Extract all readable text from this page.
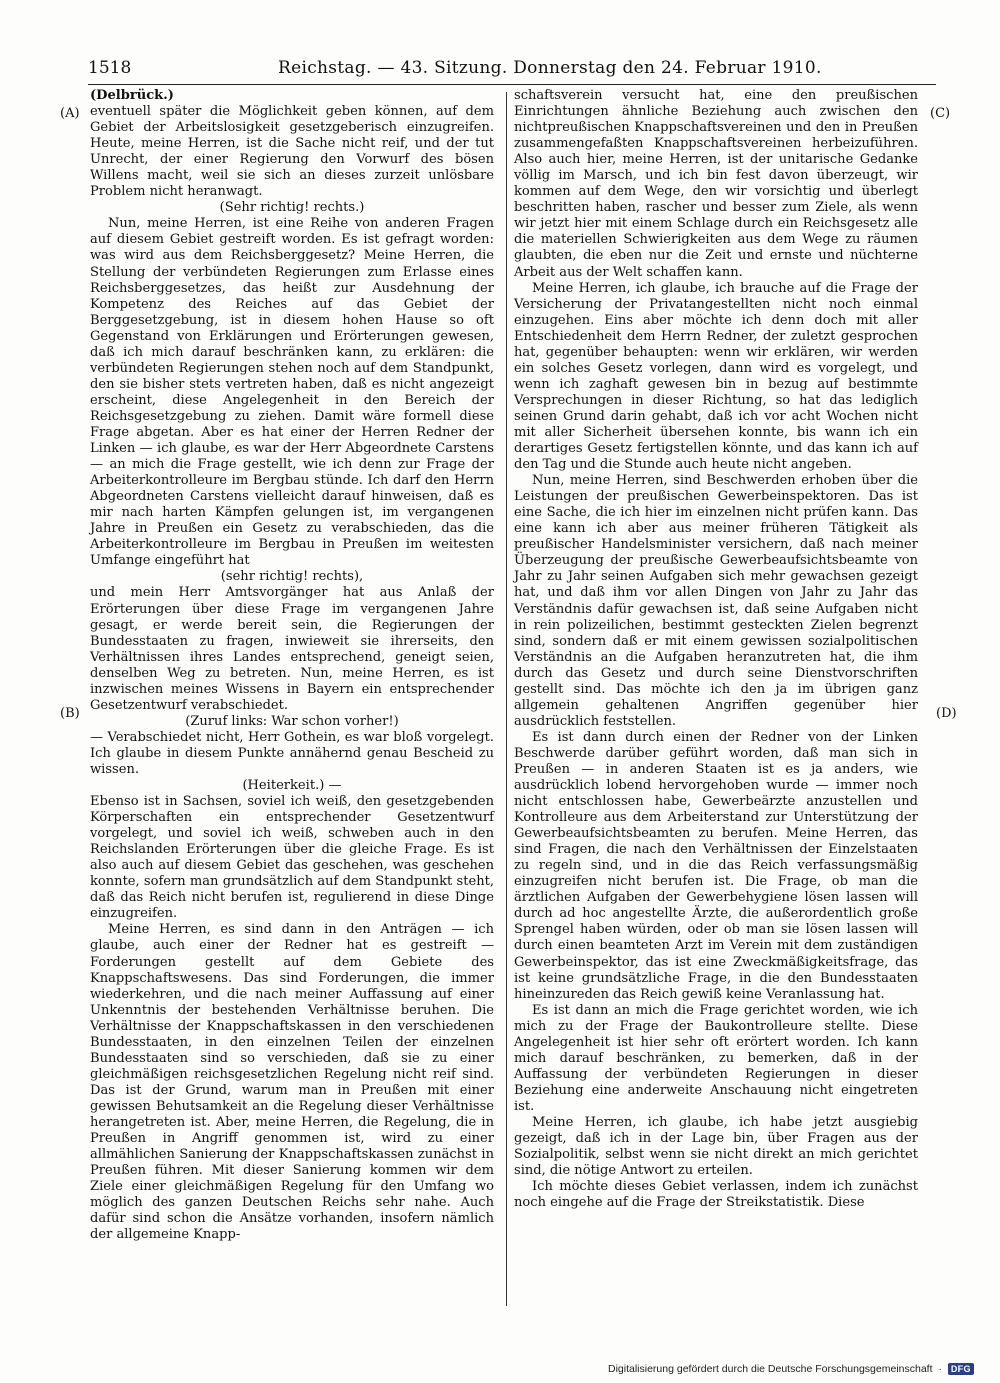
1518	Reichstag. — 43. Sitzung. Donnerstag den 24. Februar 1910.
(A)
(B)
(C)
(D)

(Delbrück.)

eventuell später die Möglichkeit geben können, auf dem Gebiet der Arbeitslosigkeit gesetzgeberisch einzugreifen. Heute, meine Herren, ist die Sache nicht reif, und der tut Unrecht, der einer Regierung den Vorwurf des bösen Willens macht, weil sie sich an dieses zurzeit unlösbare Problem nicht heranwagt.

(Sehr richtig! rechts.)

Nun, meine Herren, ist eine Reihe von anderen Fragen auf diesem Gebiet gestreift worden. Es ist gefragt worden: was wird aus dem Reichsberggesetz? Meine Herren, die Stellung der verbündeten Regierungen zum Erlasse eines Reichsberggesetzes, das heißt zur Ausdehnung der Kompetenz des Reiches auf das Gebiet der Berggesetzgebung, ist in diesem hohen Hause so oft Gegenstand von Erklärungen und Erörterungen gewesen, daß ich mich darauf beschränken kann, zu erklären: die verbündeten Regierungen stehen noch auf dem Standpunkt, den sie bisher stets vertreten haben, daß es nicht angezeigt erscheint, diese Angelegenheit in den Bereich der Reichsgesetzgebung zu ziehen. Damit wäre formell diese Frage abgetan. Aber es hat einer der Herren Redner der Linken — ich glaube, es war der Herr Abgeordnete Carstens — an mich die Frage gestellt, wie ich denn zur Frage der Arbeiterkontrolleure im Bergbau stünde. Ich darf den Herrn Abgeordneten Carstens vielleicht darauf hinweisen, daß es mir nach harten Kämpfen gelungen ist, im vergangenen Jahre in Preußen ein Gesetz zu verabschieden, das die Arbeiterkontrolleure im Bergbau in Preußen im weitesten Umfange eingeführt hat

(sehr richtig! rechts),

und mein Herr Amtsvorgänger hat aus Anlaß der Erörterungen über diese Frage im vergangenen Jahre gesagt, er werde bereit sein, die Regierungen der Bundesstaaten zu fragen, inwieweit sie ihrerseits, den Verhältnissen ihres Landes entsprechend, geneigt seien, denselben Weg zu betreten. Nun, meine Herren, es ist inzwischen meines Wissens in Bayern ein entsprechender Gesetzentwurf verabschiedet.

(Zuruf links: War schon vorher!)

— Verabschiedet nicht, Herr Gothein, es war bloß vorgelegt. Ich glaube in diesem Punkte annähernd genau Bescheid zu wissen.

(Heiterkeit.) —

Ebenso ist in Sachsen, soviel ich weiß, den gesetzgebenden Körperschaften ein entsprechender Gesetzentwurf vorgelegt, und soviel ich weiß, schweben auch in den Reichslanden Erörterungen über die gleiche Frage. Es ist also auch auf diesem Gebiet das geschehen, was geschehen konnte, sofern man grundsätzlich auf dem Standpunkt steht, daß das Reich nicht berufen ist, regulierend in diese Dinge einzugreifen.

Meine Herren, es sind dann in den Anträgen — ich glaube, auch einer der Redner hat es gestreift — Forderungen gestellt auf dem Gebiete des Knappschaftswesens. Das sind Forderungen, die immer wiederkehren, und die nach meiner Auffassung auf einer Unkenntnis der bestehenden Verhältnisse beruhen. Die Verhältnisse der Knappschaftskassen in den verschiedenen Bundesstaaten, in den einzelnen Teilen der einzelnen Bundesstaaten sind so verschieden, daß sie zu einer gleichmäßigen reichsgesetzlichen Regelung nicht reif sind. Das ist der Grund, warum man in Preußen mit einer gewissen Behutsamkeit an die Regelung dieser Verhältnisse herangetreten ist. Aber, meine Herren, die Regelung, die in Preußen in Angriff genommen ist, wird zu einer allmählichen Sanierung der Knappschaftskassen zunächst in Preußen führen. Mit dieser Sanierung kommen wir dem Ziele einer gleichmäßigen Regelung für den Umfang wo möglich des ganzen Deutschen Reichs sehr nahe. Auch dafür sind schon die Ansätze vorhanden, insofern nämlich der allgemeine Knapp-

schaftsverein versucht hat, eine den preußischen Einrichtungen ähnliche Beziehung auch zwischen den nichtpreußischen Knappschaftsvereinen und den in Preußen zusammengefaßten Knappschaftsvereinen herbeizuführen. Also auch hier, meine Herren, ist der unitarische Gedanke völlig im Marsch, und ich bin fest davon überzeugt, wir kommen auf dem Wege, den wir vorsichtig und überlegt beschritten haben, rascher und besser zum Ziele, als wenn wir jetzt hier mit einem Schlage durch ein Reichsgesetz alle die materiellen Schwierigkeiten aus dem Wege zu räumen glaubten, die eben nur die Zeit und ernste und nüchterne Arbeit aus der Welt schaffen kann.

Meine Herren, ich glaube, ich brauche auf die Frage der Versicherung der Privatangestellten nicht noch einmal einzugehen. Eins aber möchte ich denn doch mit aller Entschiedenheit dem Herrn Redner, der zuletzt gesprochen hat, gegenüber behaupten: wenn wir erklären, wir werden ein solches Gesetz vorlegen, dann wird es vorgelegt, und wenn ich zaghaft gewesen bin in bezug auf bestimmte Versprechungen in dieser Richtung, so hat das lediglich seinen Grund darin gehabt, daß ich vor acht Wochen nicht mit aller Sicherheit übersehen konnte, bis wann ich ein derartiges Gesetz fertigstellen könnte, und das kann ich auf den Tag und die Stunde auch heute nicht angeben.

Nun, meine Herren, sind Beschwerden erhoben über die Leistungen der preußischen Gewerbeinspektoren. Das ist eine Sache, die ich hier im einzelnen nicht prüfen kann. Das eine kann ich aber aus meiner früheren Tätigkeit als preußischer Handelsminister versichern, daß nach meiner Überzeugung der preußische Gewerbeaufsichtsbeamte von Jahr zu Jahr seinen Aufgaben sich mehr gewachsen gezeigt hat, und daß ihm vor allen Dingen von Jahr zu Jahr das Verständnis dafür gewachsen ist, daß seine Aufgaben nicht in rein polizeilichen, bestimmt gesteckten Zielen begrenzt sind, sondern daß er mit einem gewissen sozialpolitischen Verständnis an die Aufgaben heranzutreten hat, die ihm durch das Gesetz und durch seine Dienstvorschriften gestellt sind. Das möchte ich den ja im übrigen ganz allgemein gehaltenen Angriffen gegenüber hier ausdrücklich feststellen.

Es ist dann durch einen der Redner von der Linken Beschwerde darüber geführt worden, daß man sich in Preußen — in anderen Staaten ist es ja anders, wie ausdrücklich lobend hervorgehoben wurde — immer noch nicht entschlossen habe, Gewerbeärzte anzustellen und Kontrolleure aus dem Arbeiterstand zur Unterstützung der Gewerbeaufsichtsbeamten zu berufen. Meine Herren, das sind Fragen, die nach den Verhältnissen der Einzelstaaten zu regeln sind, und in die das Reich verfassungsmäßig einzugreifen nicht berufen ist. Die Frage, ob man die ärztlichen Aufgaben der Gewerbehygiene lösen lassen will durch ad hoc angestellte Ärzte, die außerordentlich große Sprengel haben würden, oder ob man sie lösen lassen will durch einen beamteten Arzt im Verein mit dem zuständigen Gewerbeinspektor, das ist eine Zweckmäßigkeitsfrage, das ist keine grundsätzliche Frage, in die den Bundesstaaten hineinzureden das Reich gewiß keine Veranlassung hat.

Es ist dann an mich die Frage gerichtet worden, wie ich mich zu der Frage der Baukontrolleure stellte. Diese Angelegenheit ist hier sehr oft erörtert worden. Ich kann mich darauf beschränken, zu bemerken, daß in der Auffassung der verbündeten Regierungen in dieser Beziehung eine anderweite Anschauung nicht eingetreten ist.

Meine Herren, ich glaube, ich habe jetzt ausgiebig gezeigt, daß ich in der Lage bin, über Fragen aus der Sozialpolitik, selbst wenn sie nicht direkt an mich gerichtet sind, die nötige Antwort zu erteilen.

Ich möchte dieses Gebiet verlassen, indem ich zunächst noch eingehe auf die Frage der Streikstatistik. Diese

Digitalisierung gefördert durch die Deutsche Forschungsgemeinschaft · DFG
